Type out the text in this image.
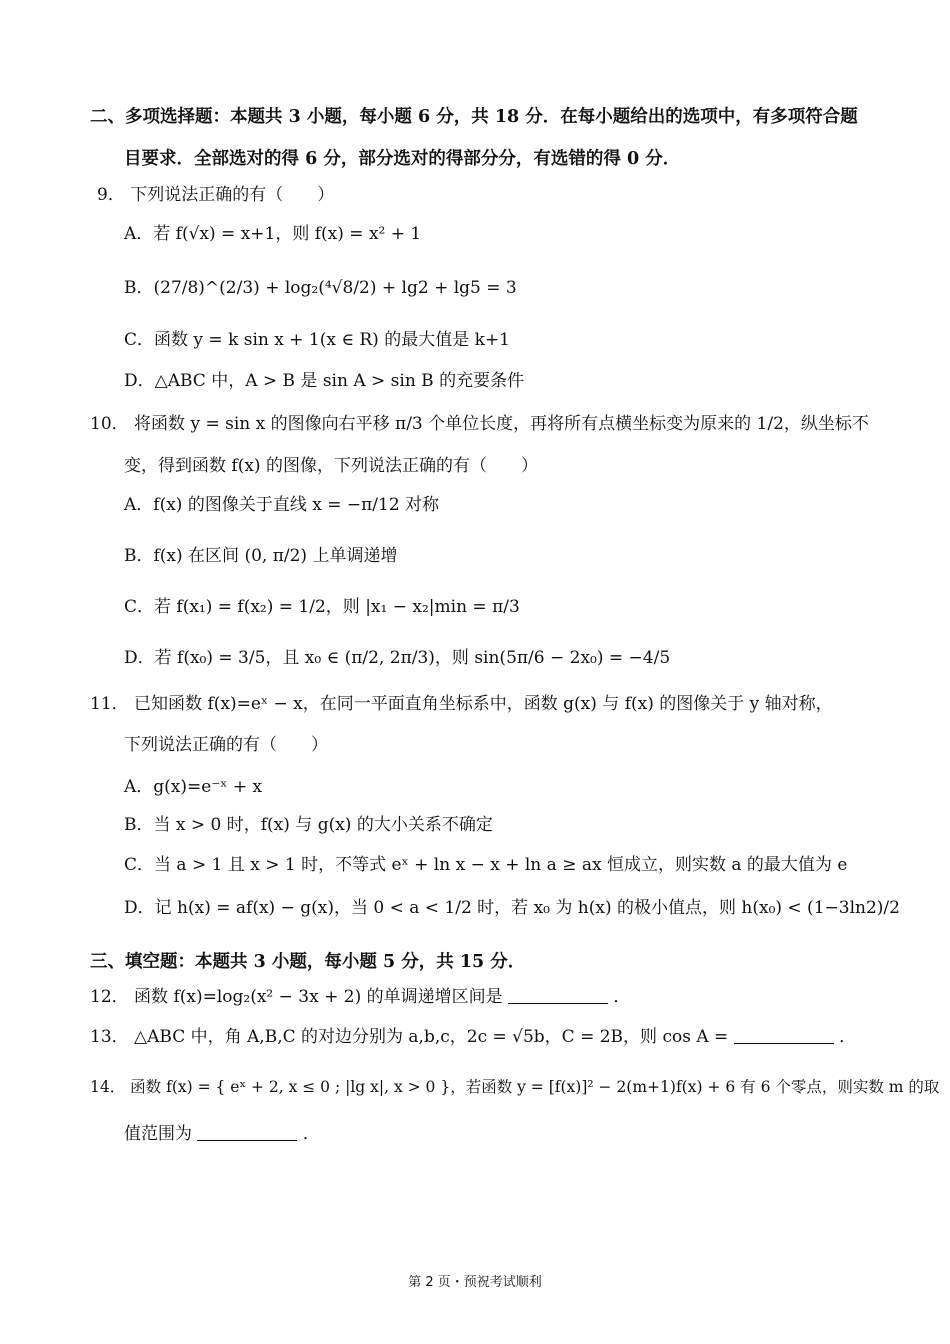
二、多项选择题：本题共 3 小题，每小题 6 分，共 18 分．在每小题给出的选项中，有多项符合题
目要求．全部选对的得 6 分，部分选对的得部分分，有选错的得 0 分．
9． 下列说法正确的有（　　）
A．若 f(√x) = x+1，则 f(x) = x² + 1
B．(27/8)^(2/3) + log₂(⁴√8/2) + lg2 + lg5 = 3
C．函数 y = k sin x + 1(x ∈ R) 的最大值是 k+1
D．△ABC 中，A > B 是 sin A > sin B 的充要条件
10． 将函数 y = sin x 的图像向右平移 π/3 个单位长度，再将所有点横坐标变为原来的 1/2，纵坐标不
变，得到函数 f(x) 的图像，下列说法正确的有（　　）
A．f(x) 的图像关于直线 x = −π/12 对称
B．f(x) 在区间 (0, π/2) 上单调递增
C．若 f(x₁) = f(x₂) = 1/2，则 |x₁ − x₂|min = π/3
D．若 f(x₀) = 3/5，且 x₀ ∈ (π/2, 2π/3)，则 sin(5π/6 − 2x₀) = −4/5
11． 已知函数 f(x)=eˣ − x，在同一平面直角坐标系中，函数 g(x) 与 f(x) 的图像关于 y 轴对称，
下列说法正确的有（　　）
A．g(x)=e⁻ˣ + x
B．当 x > 0 时，f(x) 与 g(x) 的大小关系不确定
C．当 a > 1 且 x > 1 时，不等式 eˣ + ln x − x + ln a ≥ ax 恒成立，则实数 a 的最大值为 e
D．记 h(x) = af(x) − g(x)，当 0 < a < 1/2 时，若 x₀ 为 h(x) 的极小值点，则 h(x₀) < (1−3ln2)/2
三、填空题：本题共 3 小题，每小题 5 分，共 15 分．
12． 函数 f(x)=log₂(x² − 3x + 2) 的单调递增区间是	．
13． △ABC 中，角 A,B,C 的对边分别为 a,b,c，2c = √5b，C = 2B，则 cos A =	．
14． 函数 f(x) = { eˣ + 2, x ≤ 0 ; |lg x|, x > 0 }，若函数 y = [f(x)]² − 2(m+1)f(x) + 6 有 6 个零点，则实数 m 的取
值范围为	．
第 2 页・预祝考试顺利
